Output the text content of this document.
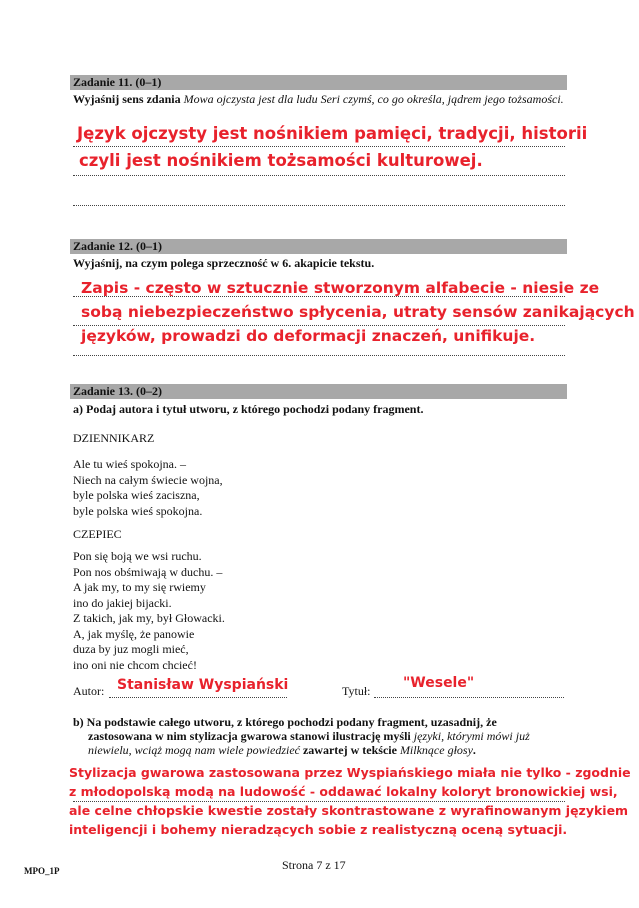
Zadanie 11. (0–1)
Wyjaśnij sens zdania Mowa ojczysta jest dla ludu Seri czymś, co go określa, jądrem jego tożsamości.
Język ojczysty jest nośnikiem pamięci, tradycji, historii
czyli jest nośnikiem tożsamości kulturowej.
Zadanie 12. (0–1)
Wyjaśnij, na czym polega sprzeczność w 6. akapicie tekstu.
Zapis - często w sztucznie stworzonym alfabecie - niesie ze
sobą niebezpieczeństwo spłycenia, utraty sensów zanikających
języków, prowadzi do deformacji znaczeń, unifikuje.
Zadanie 13. (0–2)
a) Podaj autora i tytuł utworu, z którego pochodzi podany fragment.
DZIENNIKARZ
Ale tu wieś spokojna. –
Niech na całym świecie wojna,
byle polska wieś zaciszna,
byle polska wieś spokojna.
CZEPIEC
Pon się boją we wsi ruchu.
Pon nos obśmiwają w duchu. –
A jak my, to my się rwiemy
ino do jakiej bijacki.
Z takich, jak my, był Głowacki.
A, jak myślę, że panowie
duza by juz mogli mieć,
ino oni nie chcom chcieć!
Autor: Stanisław Wyspiański	Tytuł: "Wesele"
b) Na podstawie całego utworu, z którego pochodzi podany fragment, uzasadnij, że
zastosowana w nim stylizacja gwarowa stanowi ilustrację myśli języki, którymi mówi już
niewielu, wciąż mogą nam wiele powiedzieć zawartej w tekście Milknące głosy.
Stylizacja gwarowa zastosowana przez Wyspiańskiego miała nie tylko - zgodnie
z młodopolską modą na ludowość - oddawać lokalny koloryt bronowickiej wsi,
ale celne chłopskie kwestie zostały skontrastowane z wyrafinowanym językiem
inteligencji i bohemy nieradzących sobie z realistyczną oceną sytuacji.
MPO_1P	Strona 7 z 17
